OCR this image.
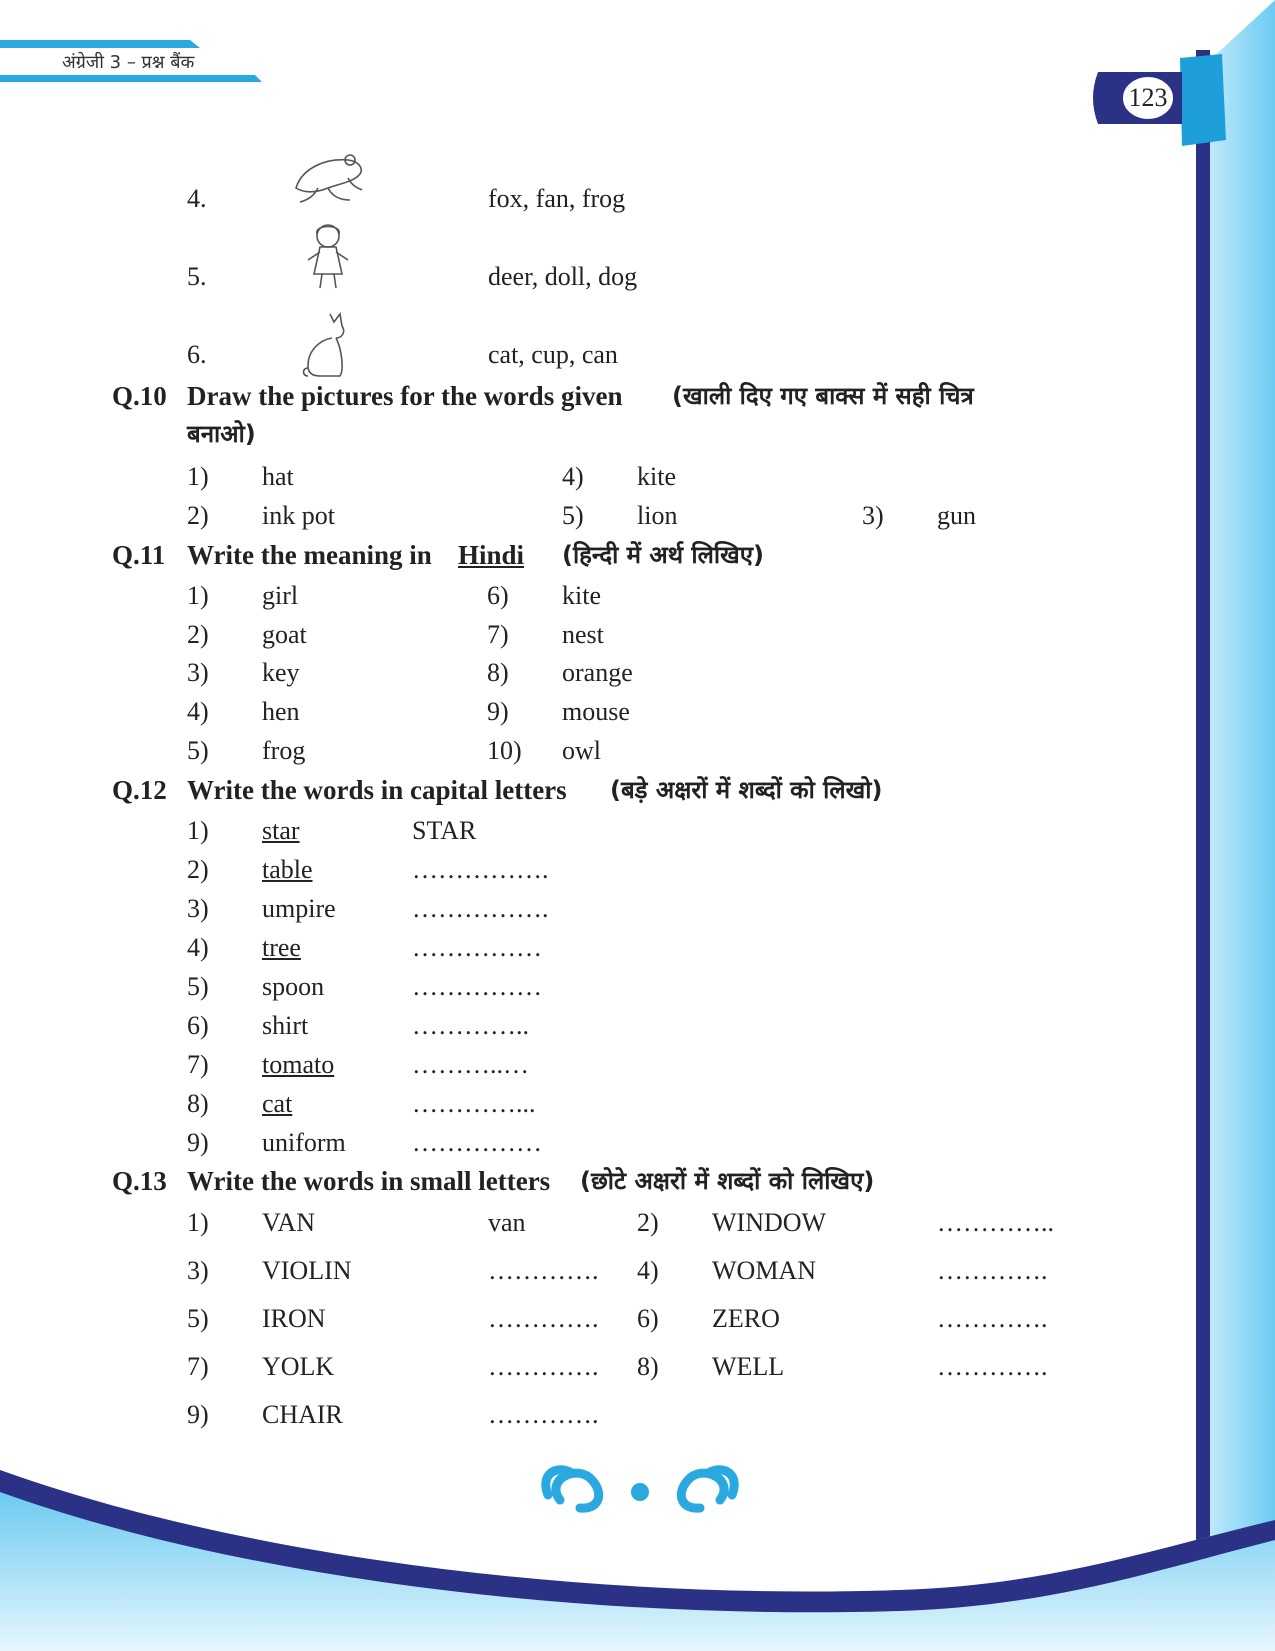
अंग्रेजी 3 – प्रश्न बैंक
123
4.	fox, fan, frog
5.	deer, doll, dog
6.	cat, cup, can
Q.10 Draw the pictures for the words given (खाली दिए गए बाक्स में सही चित्र
बनाओ)
1) hat	4) kite
2) ink pot	5) lion	3) gun
Q.11 Write the meaning in Hindi (हिन्दी में अर्थ लिखिए)
1) girl	6) kite
2) goat	7) nest
3) key	8) orange
4) hen	9) mouse
5) frog	10) owl
Q.12 Write the words in capital letters (बड़े अक्षरों में शब्दों को लिखो)
1) star	STAR
2) table	…………….
3) umpire	…………….
4) tree	……………
5) spoon	……………
6) shirt	…………..
7) tomato	………..…
8) cat	…………...
9) uniform	……………
Q.13 Write the words in small letters (छोटे अक्षरों में शब्दों को लिखिए)
1) VAN	van	2) WINDOW	…………..
3) VIOLIN	…………. 4) WOMAN	………….
5) IRON	…………. 6) ZERO	………….
7) YOLK	…………. 8) WELL	………….
9) CHAIR	………….
